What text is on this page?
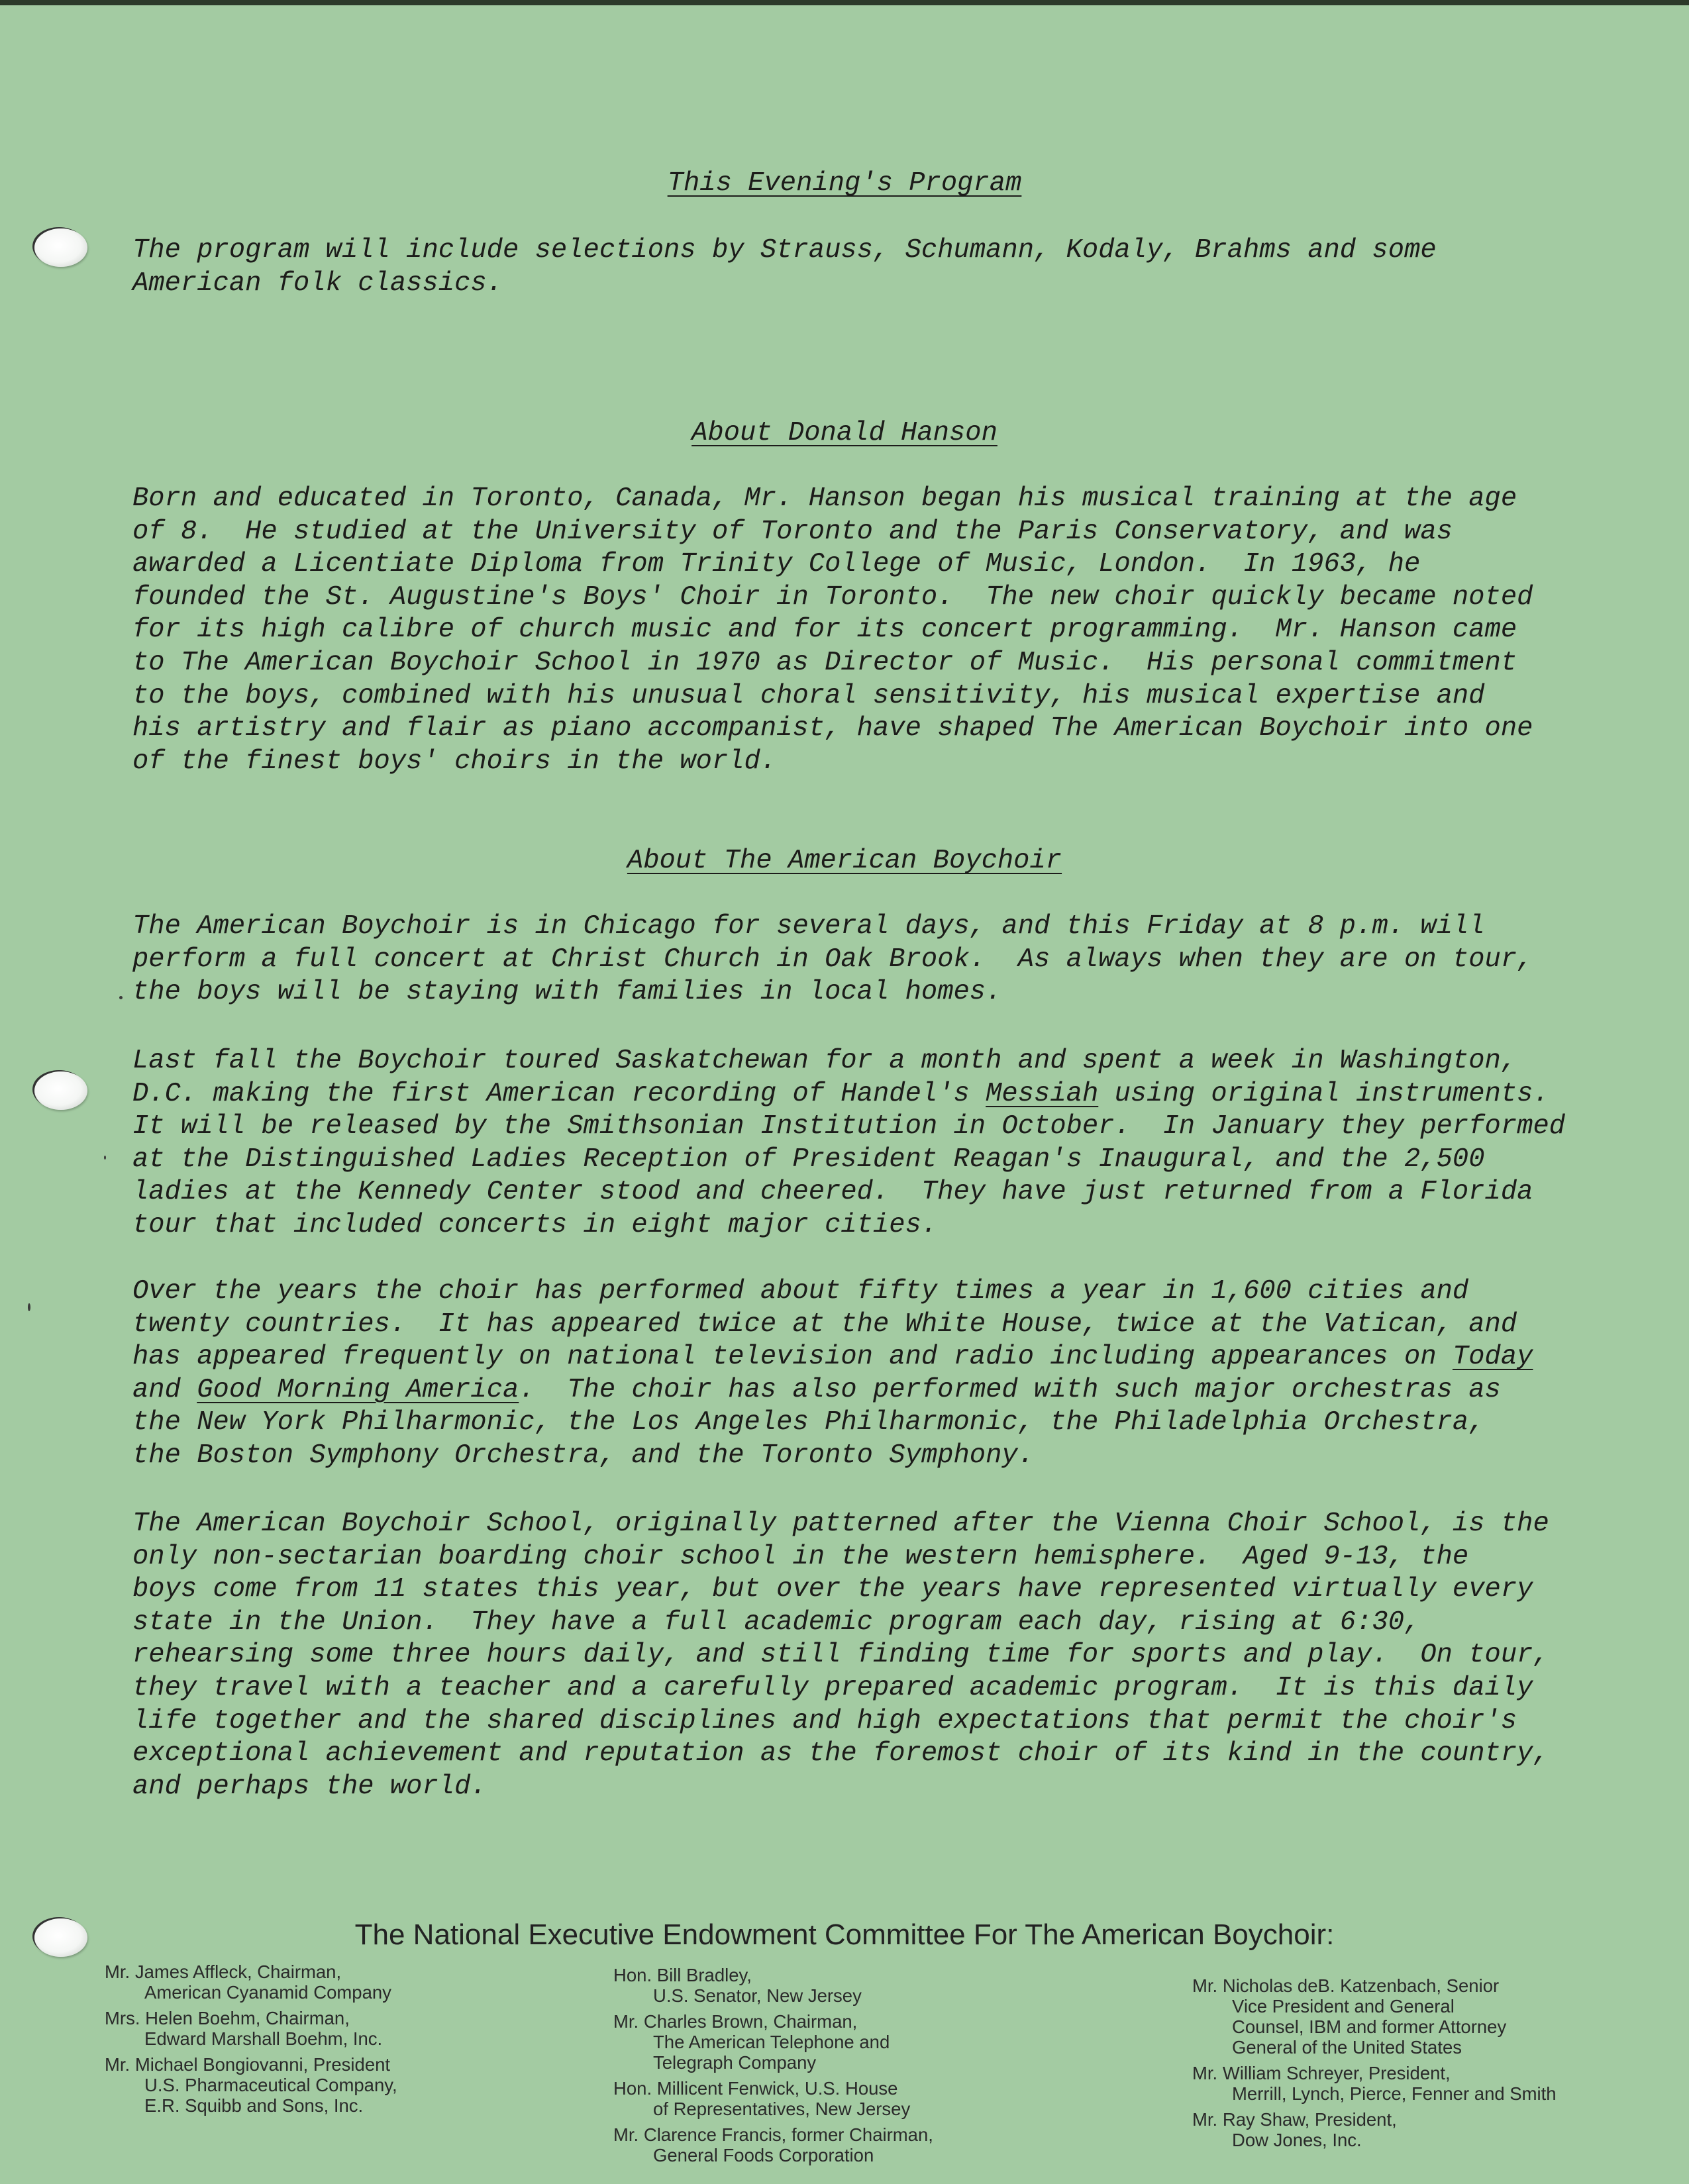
This Evening's Program
The program will include selections by Strauss, Schumann, Kodaly, Brahms and some
American folk classics.
About Donald Hanson
Born and educated in Toronto, Canada, Mr. Hanson began his musical training at the age
of 8.  He studied at the University of Toronto and the Paris Conservatory, and was
awarded a Licentiate Diploma from Trinity College of Music, London.  In 1963, he
founded the St. Augustine's Boys' Choir in Toronto.  The new choir quickly became noted
for its high calibre of church music and for its concert programming.  Mr. Hanson came
to The American Boychoir School in 1970 as Director of Music.  His personal commitment
to the boys, combined with his unusual choral sensitivity, his musical expertise and
his artistry and flair as piano accompanist, have shaped The American Boychoir into one
of the finest boys' choirs in the world.
About The American Boychoir
The American Boychoir is in Chicago for several days, and this Friday at 8 p.m. will
perform a full concert at Christ Church in Oak Brook.  As always when they are on tour,
the boys will be staying with families in local homes.
Last fall the Boychoir toured Saskatchewan for a month and spent a week in Washington,
D.C. making the first American recording of Handel's Messiah using original instruments.
It will be released by the Smithsonian Institution in October.  In January they performed
at the Distinguished Ladies Reception of President Reagan's Inaugural, and the 2,500
ladies at the Kennedy Center stood and cheered.  They have just returned from a Florida
tour that included concerts in eight major cities.
Over the years the choir has performed about fifty times a year in 1,600 cities and
twenty countries.  It has appeared twice at the White House, twice at the Vatican, and
has appeared frequently on national television and radio including appearances on Today
and Good Morning America.  The choir has also performed with such major orchestras as
the New York Philharmonic, the Los Angeles Philharmonic, the Philadelphia Orchestra,
the Boston Symphony Orchestra, and the Toronto Symphony.
The American Boychoir School, originally patterned after the Vienna Choir School, is the
only non-sectarian boarding choir school in the western hemisphere.  Aged 9-13, the
boys come from 11 states this year, but over the years have represented virtually every
state in the Union.  They have a full academic program each day, rising at 6:30,
rehearsing some three hours daily, and still finding time for sports and play.  On tour,
they travel with a teacher and a carefully prepared academic program.  It is this daily
life together and the shared disciplines and high expectations that permit the choir's
exceptional achievement and reputation as the foremost choir of its kind in the country,
and perhaps the world.
The National Executive Endowment Committee For The American Boychoir:
Mr. James Affleck, Chairman,
American Cyanamid Company
Mrs. Helen Boehm, Chairman,
Edward Marshall Boehm, Inc.
Mr. Michael Bongiovanni, President
U.S. Pharmaceutical Company,
E.R. Squibb and Sons, Inc.
Hon. Bill Bradley,
U.S. Senator, New Jersey
Mr. Charles Brown, Chairman,
The American Telephone and
Telegraph Company
Hon. Millicent Fenwick, U.S. House
of Representatives, New Jersey
Mr. Clarence Francis, former Chairman,
General Foods Corporation
Mr. Nicholas deB. Katzenbach, Senior
Vice President and General
Counsel, IBM and former Attorney
General of the United States
Mr. William Schreyer, President,
Merrill, Lynch, Pierce, Fenner and Smith
Mr. Ray Shaw, President,
Dow Jones, Inc.
